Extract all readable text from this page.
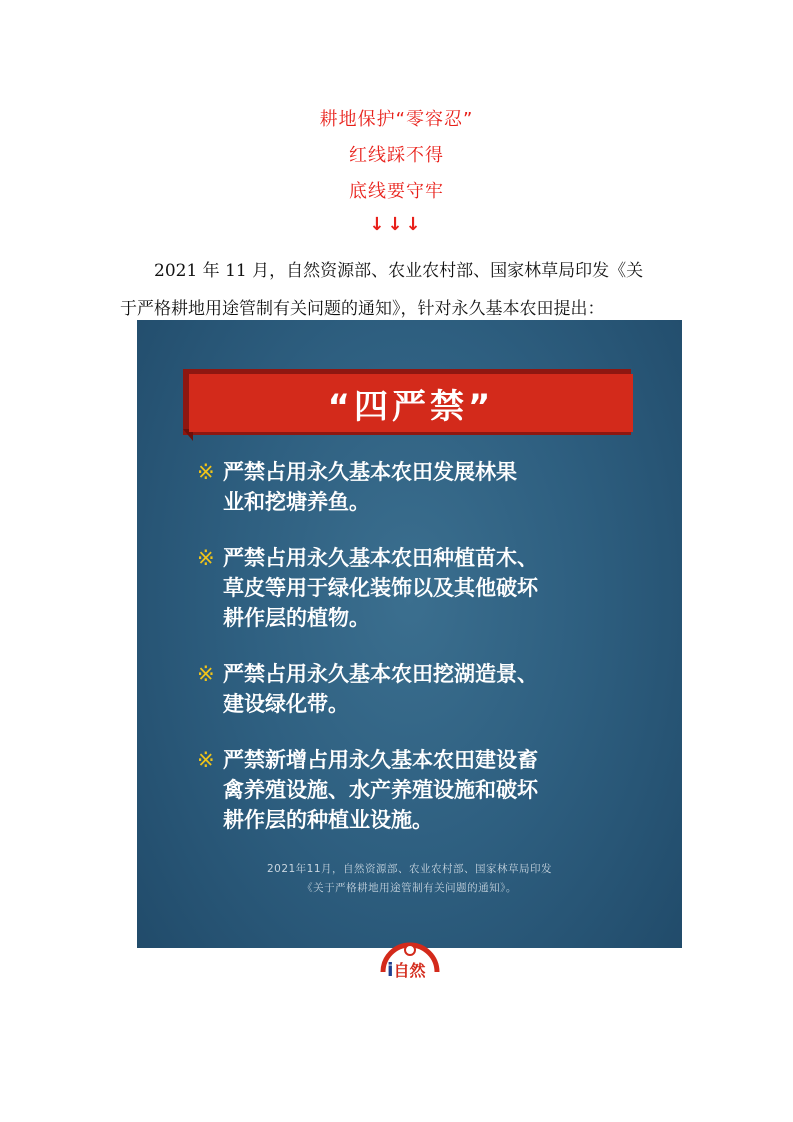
耕地保护“零容忍”
红线踩不得
底线要守牢
↓↓↓
2021 年 11 月，自然资源部、农业农村部、国家林草局印发《关
于严格耕地用途管制有关问题的通知》，针对永久基本农田提出：
“四严禁”
※ 严禁占用永久基本农田发展林果
业和挖塘养鱼。
※ 严禁占用永久基本农田种植苗木、
草皮等用于绿化装饰以及其他破坏
耕作层的植物。
※ 严禁占用永久基本农田挖湖造景、
建设绿化带。
※ 严禁新增占用永久基本农田建设畜
禽养殖设施、水产养殖设施和破坏
耕作层的种植业设施。
2021年11月，自然资源部、农业农村部、国家林草局印发
《关于严格耕地用途管制有关问题的通知》。
i自然
